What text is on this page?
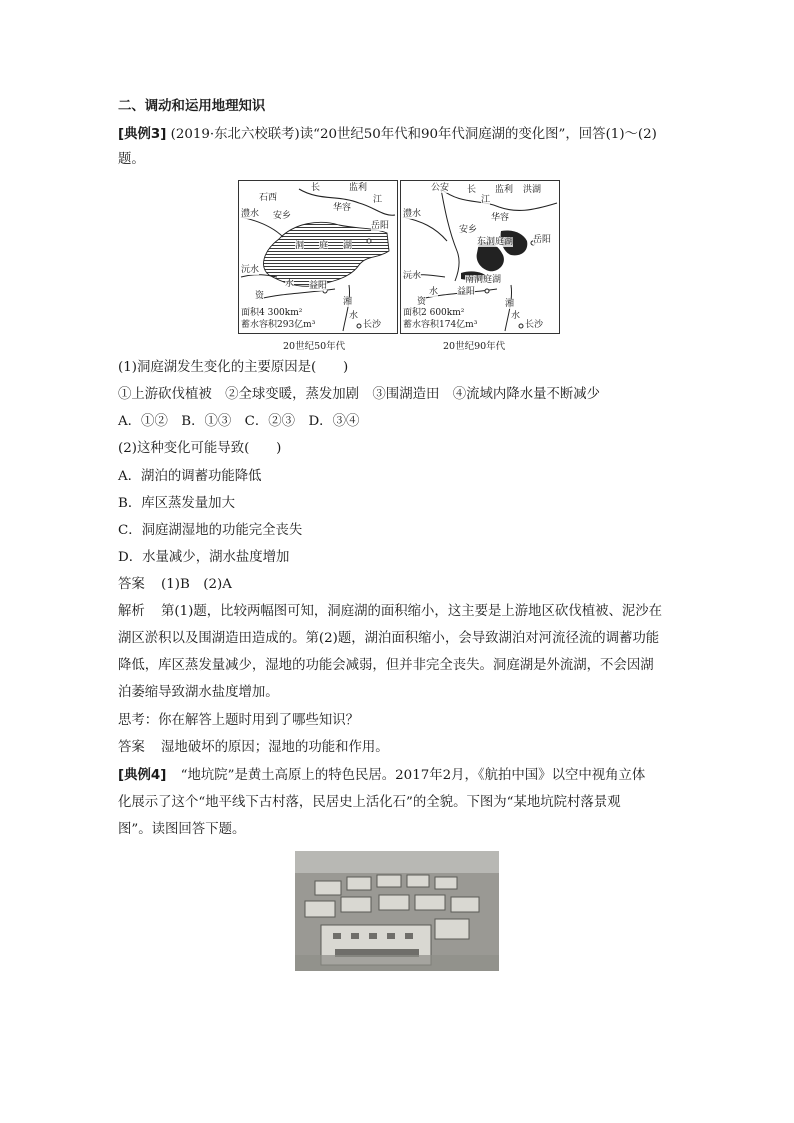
二、调动和运用地理知识
[典例3] (2019·东北六校联考)读“20世纪50年代和90年代洞庭湖的变化图”，回答(1)～(2)
题。
长	监利
石西	江
华容
澧水 安乡
岳阳
洞 庭 湖
沅水
水 益阳
资
湘
水
长沙
面积4 300km²
蓄水容积293亿m³
20世纪50年代
公安 长
江
监利 洪湖
澧水	华容
安乡
东洞庭湖 岳阳
沅水	南洞庭湖
水 益阳
资	湘
水
长沙
面积2 600km²
蓄水容积174亿m³
20世纪90年代
(1)洞庭湖发生变化的主要原因是(　　)
①上游砍伐植被　②全球变暖，蒸发加剧　③围湖造田　④流域内降水量不断减少
A．①②　B．①③　C．②③　D．③④
(2)这种变化可能导致(　　)
A．湖泊的调蓄功能降低
B．库区蒸发量加大
C．洞庭湖湿地的功能完全丧失
D．水量减少，湖水盐度增加
答案 (1)B　(2)A
解析 第(1)题，比较两幅图可知，洞庭湖的面积缩小，这主要是上游地区砍伐植被、泥沙在
湖区淤积以及围湖造田造成的。第(2)题，湖泊面积缩小，会导致湖泊对河流径流的调蓄功能
降低，库区蒸发量减少，湿地的功能会减弱，但并非完全丧失。洞庭湖是外流湖，不会因湖
泊萎缩导致湖水盐度增加。
思考：你在解答上题时用到了哪些知识？
答案 湿地破坏的原因；湿地的功能和作用。
[典例4] “地坑院”是黄土高原上的特色民居。2017年2月，《航拍中国》以空中视角立体
化展示了这个“地平线下古村落，民居史上活化石”的全貌。下图为“某地坑院村落景观
图”。读图回答下题。
